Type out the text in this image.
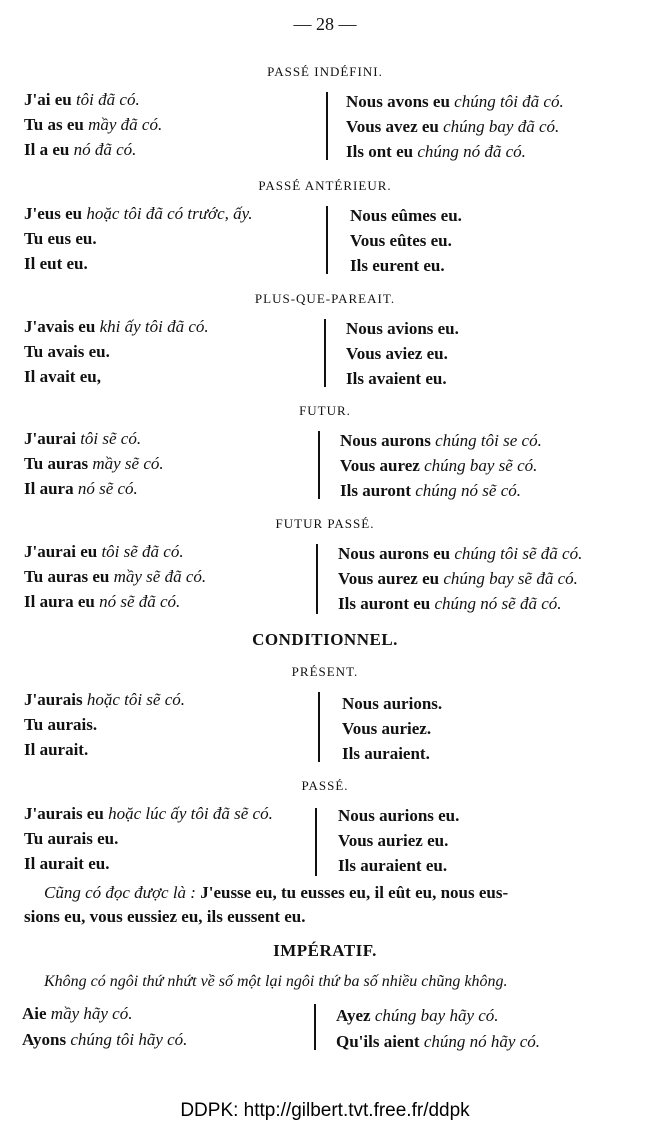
— 28 —
PASSÉ INDÉFINI.
J'ai eu tôi đã có.
Tu as eu mầy đã có.
Il a eu nó đã có.
Nous avons eu chúng tôi đã có.
Vous avez eu chúng bay đã có.
Ils ont eu chúng nó đã có.
PASSÉ ANTÉRIEUR.
J'eus eu hoặc tôi đã có trước, ấy.
Tu eus eu.
Il eut eu.
Nous eûmes eu.
Vous eûtes eu.
Ils eurent eu.
PLUS-QUE-PAREAIT.
J'avais eu khi ấy tôi đã có.
Tu avais eu.
Il avait eu,
Nous avions eu.
Vous aviez eu.
Ils avaient eu.
FUTUR.
J'aurai tôi sẽ có.
Tu auras mầy sẽ có.
Il aura nó sẽ có.
Nous aurons chúng tôi se có.
Vous aurez chúng bay sẽ có.
Ils auront chúng nó sẽ có.
FUTUR PASSÉ.
J'aurai eu tôi sẽ đã có.
Tu auras eu mầy sẽ đã có.
Il aura eu nó sẽ đã có.
Nous aurons eu chúng tôi sẽ đã có.
Vous aurez eu chúng bay sẽ đã có.
Ils auront eu chúng nó sẽ đã có.
CONDITIONNEL.
PRÉSENT.
J'aurais hoặc tôi sẽ có.
Tu aurais.
Il aurait.
Nous aurions.
Vous auriez.
Ils auraient.
PASSÉ.
J'aurais eu hoặc lúc ấy tôi đã sẽ có.
Tu aurais eu.
Il aurait eu.
Nous aurions eu.
Vous auriez eu.
Ils auraient eu.
Cũng có đọc được là : J'eusse eu, tu eusses eu, il eût eu, nous eus-
sions eu, vous eussiez eu, ils eussent eu.
IMPÉRATIF.
Không có ngôi thứ nhứt về số một lại ngôi thứ ba số nhiều chũng không.
Aie mầy hãy có.
Ayons chúng tôi hãy có.
Ayez chúng bay hãy có.
Qu'ils aient chúng nó hãy có.
DDPK: http://gilbert.tvt.free.fr/ddpk
